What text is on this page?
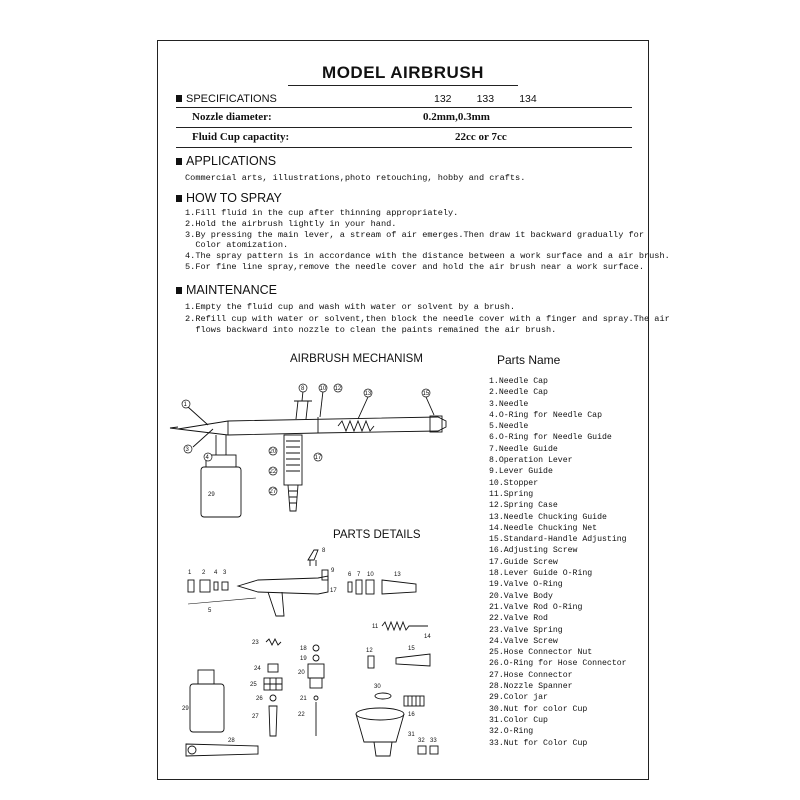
MODEL AIRBRUSH
SPECIFICATIONS	132 133 134
Nozzle diameter:	0.2mm,0.3mm
Fluid Cup capactity:	22cc or 7cc
APPLICATIONS
Commercial arts, illustrations,photo retouching, hobby and crafts.
HOW TO SPRAY
1.Fill fluid in the cup after thinning appropriately.
2.Hold the airbrush lightly in your hand.
3.By pressing the main lever, a stream of air emerges.Then draw it backward gradually for
Color atomization.
4.The spray pattern is in accordance with the distance between a work surface and a air brush.
5.For fine line spray,remove the needle cover and hold the air brush near a work surface.
MAINTENANCE
1.Empty the fluid cup and wash with water or solvent by a brush.
2.Refill cup with water or solvent,then block the needle cover with a finger and spray.The air
flows backward into nozzle to clean the paints remained the air brush.
AIRBRUSH MECHANISM	Parts Name
PARTS DETAILS
1.Needle Cap
2.Needle Cap
3.Needle
4.O-Ring for Needle Cap
5.Needle
6.O-Ring for Needle Guide
7.Needle Guide
8.Operation Lever
9.Lever Guide
10.Stopper
11.Spring
12.Spring Case
13.Needle Chucking Guide
14.Needle Chucking Net
15.Standard-Handle Adjusting
16.Adjusting Screw
17.Guide Screw
18.Lever Guide O-Ring
19.Valve O-Ring
20.Valve Body
21.Valve Rod O-Ring
22.Valve Rod
23.Valve Spring
24.Valve Screw
25.Hose Connector Nut
26.O-Ring for Hose Connector
27.Hose Connector
28.Nozzle Spanner
29.Color jar
30.Nut for color Cup
31.Color Cup
32.O-Ring
33.Nut for Color Cup
1
3
4
8	10 12
13	15
20
22
27
17
29
1 2 4 3
5
6 7
8
9
10
11
12
13
14
15
16
17
18
19
20
21
22
23
24
25
26
27
28
29
30
31
32 33
